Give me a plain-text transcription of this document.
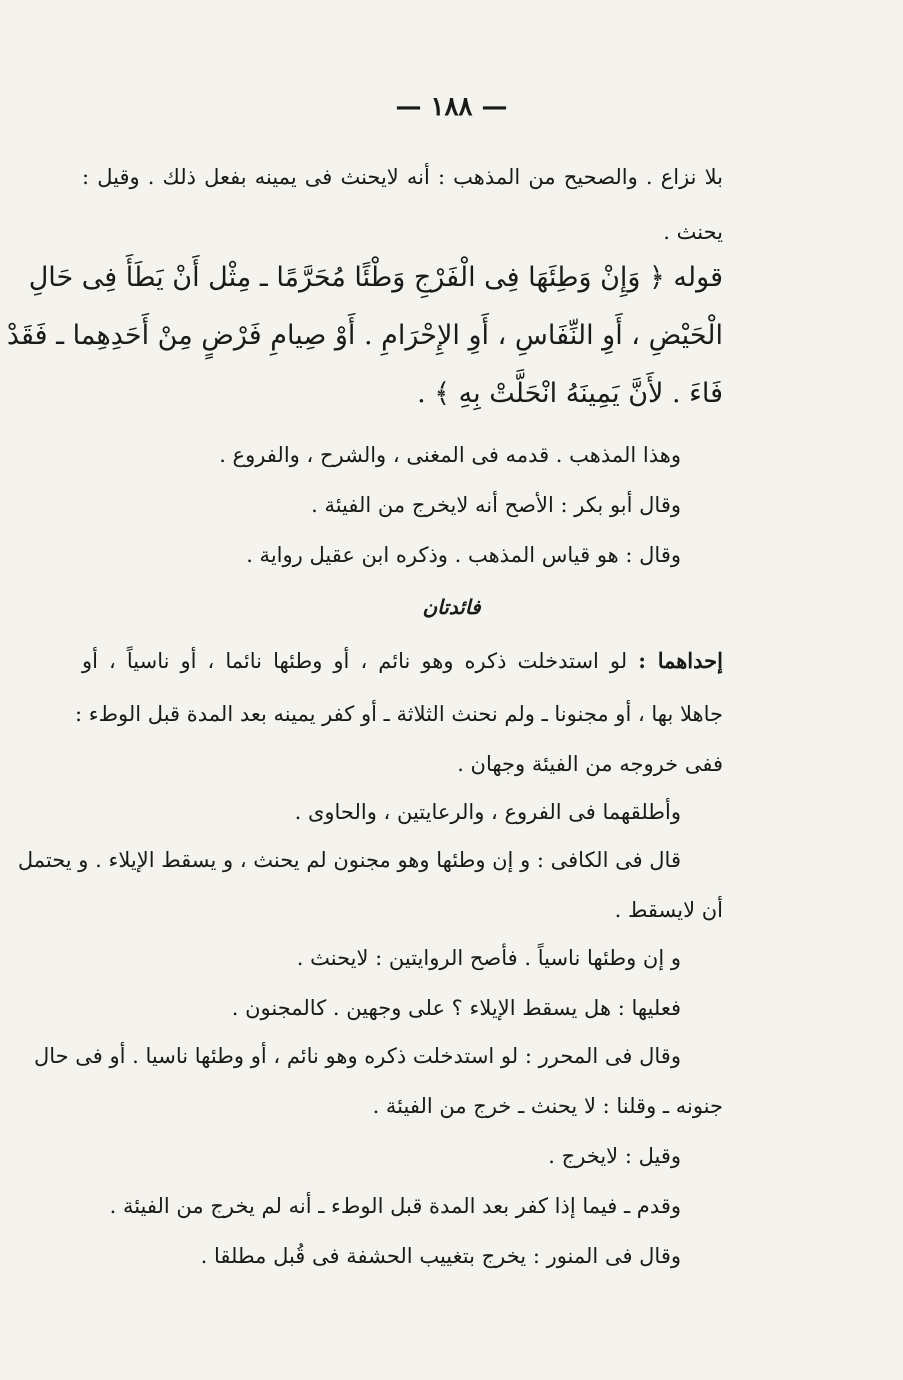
— ١٨٨ —
بلا نزاع . والصحيح من المذهب : أنه لايحنث فى يمينه بفعل ذلك . وقيل :
يحنث .
قوله ﴿ وَإِنْ وَطِئَهَا فِى الْفَرْجِ وَطْئًا مُحَرَّمًا ـ مِثْل أَنْ يَطَأَ فِى حَالِ
الْحَيْضِ ، أَوِ النِّفَاسِ ، أَوِ الإِحْرَامِ . أَوْ صِيامِ فَرْضٍ مِنْ أَحَدِهِما ـ فَقَدْ
فَاءَ . لأَنَّ يَمِينَهُ انْحَلَّتْ بِهِ ﴾ .
وهذا المذهب . قدمه فى المغنى ، والشرح ، والفروع .
وقال أبو بكر : الأصح أنه لايخرج من الفيئة .
وقال : هو قياس المذهب . وذكره ابن عقيل رواية .
فائدتان
إحداهما : لو استدخلت ذكره وهو نائم ، أو وطئها نائما ، أو ناسياً ، أو
جاهلا بها ، أو مجنونا ـ ولم نحنث الثلاثة ـ أو كفر يمينه بعد المدة قبل الوطء :
ففى خروجه من الفيئة وجهان .
وأطلقهما فى الفروع ، والرعايتين ، والحاوى .
قال فى الكافى : و إن وطئها وهو مجنون لم يحنث ، و يسقط الإيلاء . و يحتمل
أن لايسقط .
و إن وطئها ناسياً . فأصح الروايتين : لايحنث .
فعليها : هل يسقط الإيلاء ؟ على وجهين . كالمجنون .
وقال فى المحرر : لو استدخلت ذكره وهو نائم ، أو وطئها ناسيا . أو فى حال
جنونه ـ وقلنا : لا يحنث ـ خرج من الفيئة .
وقيل : لايخرج .
وقدم ـ فيما إذا كفر بعد المدة قبل الوطء ـ أنه لم يخرج من الفيئة .
وقال فى المنور : يخرج بتغييب الحشفة فى قُبل مطلقا .
